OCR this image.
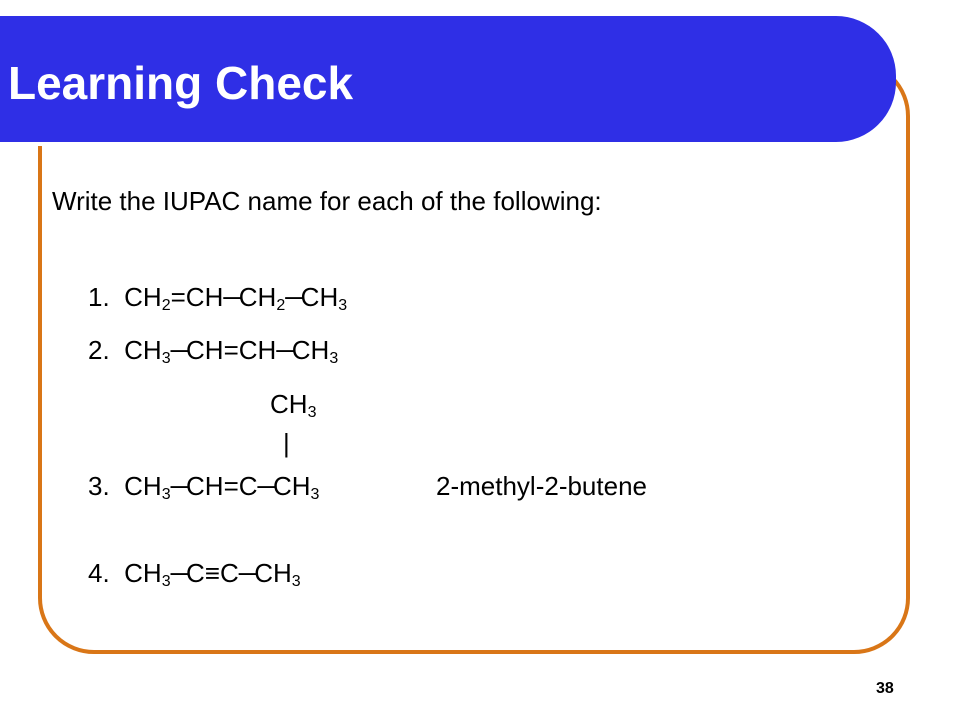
Learning Check
Write the IUPAC name for each of the following:
1. $CH_2=CH─CH_2─CH_3$
2. $CH_3─CH=CH─CH_3$
$CH_3$
|
3. $CH_3─CH=C─CH_3$	2-methyl-2-butene
4. $CH_3─C\equiv C─CH_3$
38
